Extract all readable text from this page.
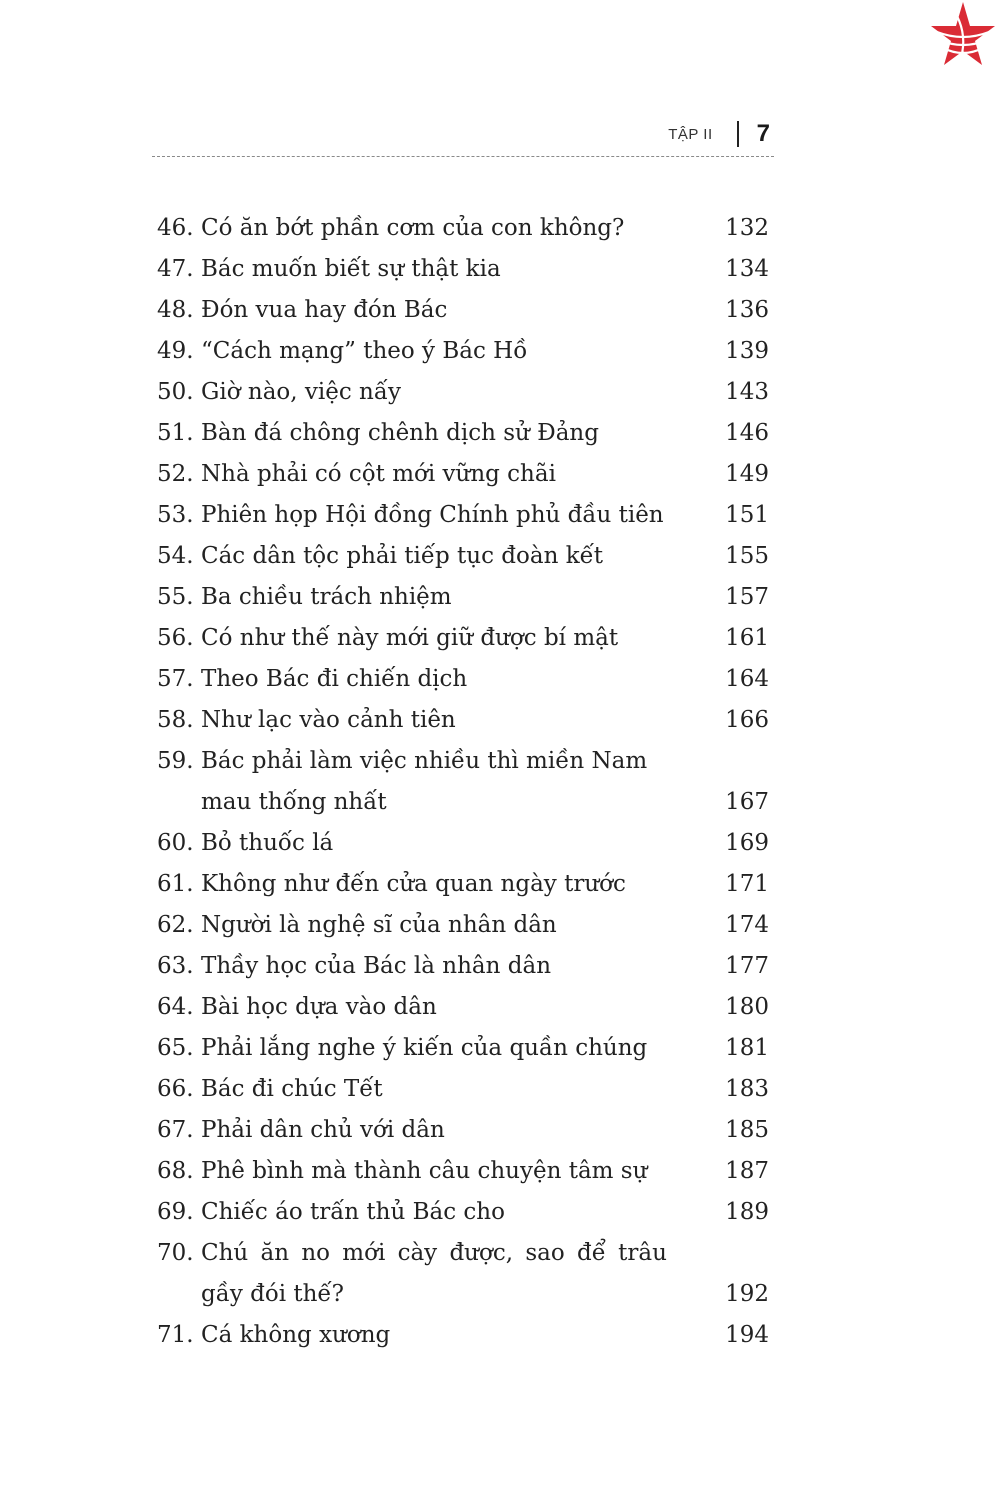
TẬP II 7
46. Có ăn bớt phần cơm của con không?	132
47. Bác muốn biết sự thật kia	134
48. Đón vua hay đón Bác	136
49. “Cách mạng” theo ý Bác Hồ	139
50. Giờ nào, việc nấy	143
51. Bàn đá chông chênh dịch sử Đảng	146
52. Nhà phải có cột mới vững chãi	149
53. Phiên họp Hội đồng Chính phủ đầu tiên	151
54. Các dân tộc phải tiếp tục đoàn kết	155
55. Ba chiều trách nhiệm	157
56. Có như thế này mới giữ được bí mật	161
57. Theo Bác đi chiến dịch	164
58. Như lạc vào cảnh tiên	166
59. Bác phải làm việc nhiều thì miền Nam
mau thống nhất	167
60. Bỏ thuốc lá	169
61. Không như đến cửa quan ngày trước	171
62. Người là nghệ sĩ của nhân dân	174
63. Thầy học của Bác là nhân dân	177
64. Bài học dựa vào dân	180
65. Phải lắng nghe ý kiến của quần chúng	181
66. Bác đi chúc Tết	183
67. Phải dân chủ với dân	185
68. Phê bình mà thành câu chuyện tâm sự	187
69. Chiếc áo trấn thủ Bác cho	189
70. Chú ăn no mới cày được, sao để trâu
gầy đói thế?	192
71. Cá không xương	194
